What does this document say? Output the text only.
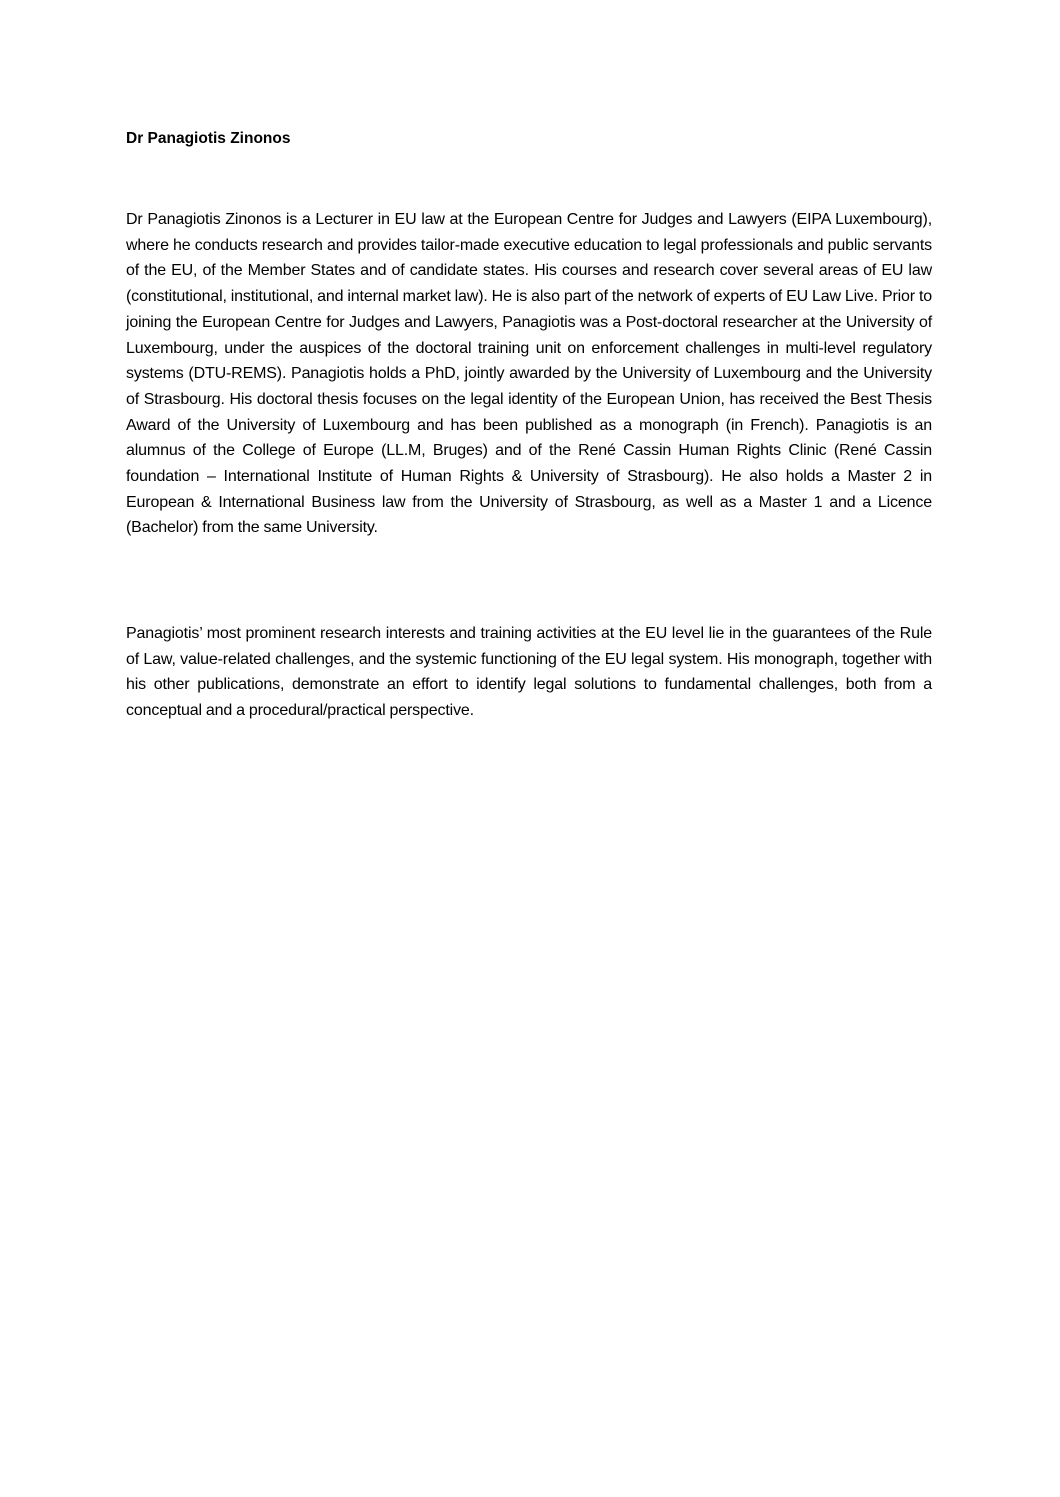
Dr Panagiotis Zinonos

Dr Panagiotis Zinonos is a Lecturer in EU law at the European Centre for Judges and Lawyers (EIPA Luxembourg), where he conducts research and provides tailor-made executive education to legal professionals and public servants of the EU, of the Member States and of candidate states. His courses and research cover several areas of EU law (constitutional, institutional, and internal market law). He is also part of the network of experts of EU Law Live. Prior to joining the European Centre for Judges and Lawyers, Panagiotis was a Post-doctoral researcher at the University of Luxembourg, under the auspices of the doctoral training unit on enforcement challenges in multi-level regulatory systems (DTU-REMS). Panagiotis holds a PhD, jointly awarded by the University of Luxembourg and the University of Strasbourg. His doctoral thesis focuses on the legal identity of the European Union, has received the Best Thesis Award of the University of Luxembourg and has been published as a monograph (in French). Panagiotis is an alumnus of the College of Europe (LL.M, Bruges) and of the René Cassin Human Rights Clinic (René Cassin foundation – International Institute of Human Rights & University of Strasbourg). He also holds a Master 2 in European & International Business law from the University of Strasbourg, as well as a Master 1 and a Licence (Bachelor) from the same University.

Panagiotis’ most prominent research interests and training activities at the EU level lie in the guarantees of the Rule of Law, value-related challenges, and the systemic functioning of the EU legal system. His monograph, together with his other publications, demonstrate an effort to identify legal solutions to fundamental challenges, both from a conceptual and a procedural/practical perspective.
